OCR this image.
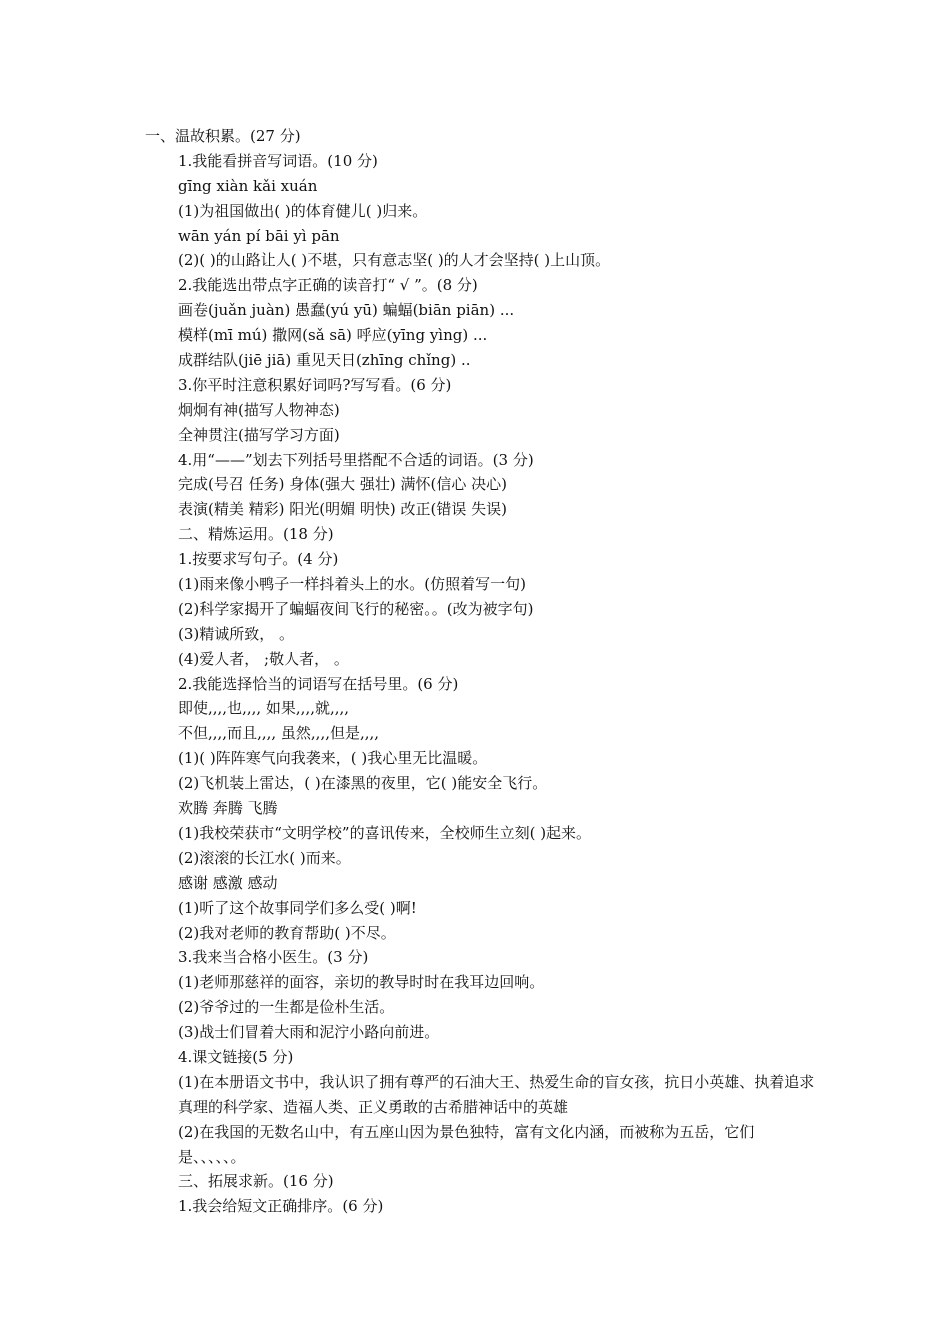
一、温故积累。(27 分)
1.我能看拼音写词语。(10 分)
gīng xiàn kǎi xuán
(1)为祖国做出( )的体育健儿( )归来。
wān yán pí bāi yì pān
(2)( )的山路让人( )不堪，只有意志坚( )的人才会坚持( )上山顶。
2.我能选出带点字正确的读音打“ √ ”。(8 分)
画卷(juǎn juàn) 愚蠢(yú yū) 蝙蝠(biān piān) ...
模样(mī mú) 撒网(sǎ sā) 呼应(yīng yìng) ...
成群结队(jiē jiā) 重见天日(zhīng chǐng) ..
3.你平时注意积累好词吗?写写看。(6 分)
炯炯有神(描写人物神态)
全神贯注(描写学习方面)
4.用“——”划去下列括号里搭配不合适的词语。(3 分)
完成(号召 任务) 身体(强大 强壮) 满怀(信心 决心)
表演(精美 精彩) 阳光(明媚 明快) 改正(错误 失误)
二、精炼运用。(18 分)
1.按要求写句子。(4 分)
(1)雨来像小鸭子一样抖着头上的水。(仿照着写一句)
(2)科学家揭开了蝙蝠夜间飞行的秘密。。(改为被字句)
(3)精诚所致， 。
(4)爱人者， ;敬人者， 。
2.我能选择恰当的词语写在括号里。(6 分)
即使,,,,也,,,, 如果,,,,就,,,,
不但,,,,而且,,,, 虽然,,,,但是,,,,
(1)( )阵阵寒气向我袭来，( )我心里无比温暖。
(2)飞机装上雷达，( )在漆黑的夜里，它( )能安全飞行。
欢腾 奔腾 飞腾
(1)我校荣获市“文明学校”的喜讯传来，全校师生立刻( )起来。
(2)滚滚的长江水( )而来。
感谢 感激 感动
(1)听了这个故事同学们多么受( )啊!
(2)我对老师的教育帮助( )不尽。
3.我来当合格小医生。(3 分)
(1)老师那慈祥的面容，亲切的教导时时在我耳边回响。
(2)爷爷过的一生都是俭朴生活。
(3)战士们冒着大雨和泥泞小路向前进。
4.课文链接(5 分)
(1)在本册语文书中，我认识了拥有尊严的石油大王、热爱生命的盲女孩，抗日小英雄、执着追求真理的科学家、造福人类、正义勇敢的古希腊神话中的英雄
(2)在我国的无数名山中，有五座山因为景色独特，富有文化内涵，而被称为五岳，它们是、、、、、。
三、拓展求新。(16 分)
1.我会给短文正确排序。(6 分)
